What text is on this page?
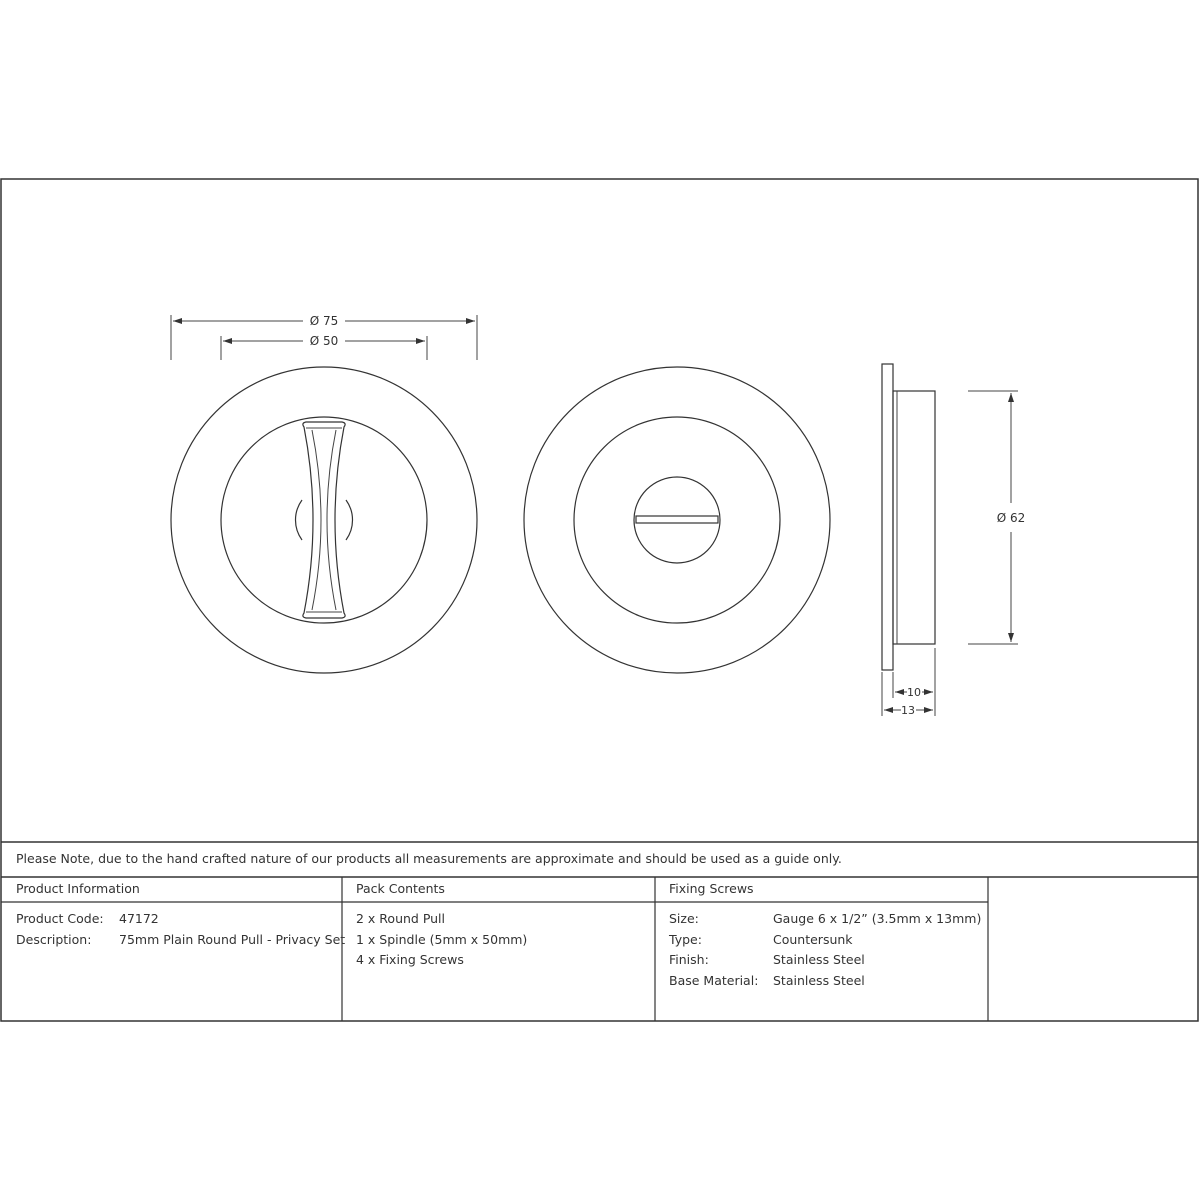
Ø 75
Ø 50
Ø 62
10
13
Please Note, due to the hand crafted nature of our products all measurements are approximate and should be used as a guide only.
Product Information
Product Code: 47172
Description: 75mm Plain Round Pull - Privacy Set
Pack Contents
2 x Round Pull
1 x Spindle (5mm x 50mm)
4 x Fixing Screws
Fixing Screws
Size:	Gauge 6 x 1/2” (3.5mm x 13mm)
Type:	Countersunk
Finish:	Stainless Steel
Base Material: Stainless Steel
